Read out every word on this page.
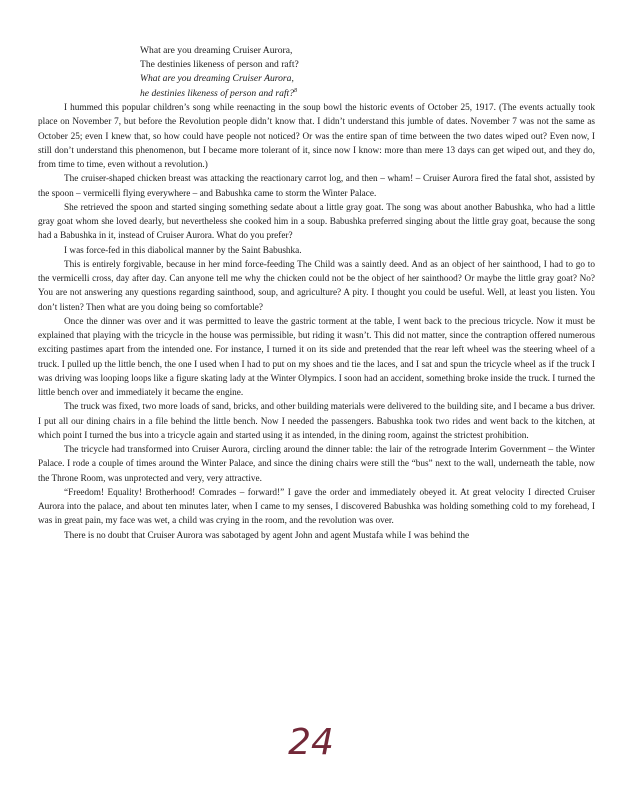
What are you dreaming Cruiser Aurora,
The destinies likeness of person and raft?
What are you dreaming Cruiser Aurora,
he destinies likeness of person and raft?$^8$

I hummed this popular children’s song while reenacting in the soup bowl the historic events of October 25, 1917. (The events actually took place on November 7, but before the Revolution people didn’t know that. I didn’t understand this jumble of dates. November 7 was not the same as October 25; even I knew that, so how could have people not noticed? Or was the entire span of time between the two dates wiped out? Even now, I still don’t understand this phenomenon, but I became more tolerant of it, since now I know: more than mere 13 days can get wiped out, and they do, from time to time, even without a revolution.)

The cruiser-shaped chicken breast was attacking the reactionary carrot log, and then – wham! – Cruiser Aurora fired the fatal shot, assisted by the spoon – vermicelli flying everywhere – and Babushka came to storm the Winter Palace.

She retrieved the spoon and started singing something sedate about a little gray goat. The song was about another Babushka, who had a little gray goat whom she loved dearly, but nevertheless she cooked him in a soup. Babushka preferred singing about the little gray goat, because the song had a Babushka in it, instead of Cruiser Aurora. What do you prefer?

I was force-fed in this diabolical manner by the Saint Babushka.

This is entirely forgivable, because in her mind force-feeding The Child was a saintly deed. And as an object of her sainthood, I had to go to the vermicelli cross, day after day. Can anyone tell me why the chicken could not be the object of her sainthood? Or maybe the little gray goat? No? You are not answering any questions regarding sainthood, soup, and agriculture? A pity. I thought you could be useful. Well, at least you listen. You don’t listen? Then what are you doing being so comfortable?

Once the dinner was over and it was permitted to leave the gastric torment at the table, I went back to the precious tricycle. Now it must be explained that playing with the tricycle in the house was permissible, but riding it wasn’t. This did not matter, since the contraption offered numerous exciting pastimes apart from the intended one. For instance, I turned it on its side and pretended that the rear left wheel was the steering wheel of a truck. I pulled up the little bench, the one I used when I had to put on my shoes and tie the laces, and I sat and spun the tricycle wheel as if the truck I was driving was looping loops like a figure skating lady at the Winter Olympics. I soon had an accident, something broke inside the truck. I turned the little bench over and immediately it became the engine.

The truck was fixed, two more loads of sand, bricks, and other building materials were delivered to the building site, and I became a bus driver. I put all our dining chairs in a file behind the little bench. Now I needed the passengers. Babushka took two rides and went back to the kitchen, at which point I turned the bus into a tricycle again and started using it as intended, in the dining room, against the strictest prohibition.

The tricycle had transformed into Cruiser Aurora, circling around the dinner table: the lair of the retrograde Interim Government – the Winter Palace. I rode a couple of times around the Winter Palace, and since the dining chairs were still the “bus” next to the wall, underneath the table, now the Throne Room, was unprotected and very, very attractive.

“Freedom! Equality! Brotherhood! Comrades – forward!” I gave the order and immediately obeyed it. At great velocity I directed Cruiser Aurora into the palace, and about ten minutes later, when I came to my senses, I discovered Babushka was holding something cold to my forehead, I was in great pain, my face was wet, a child was crying in the room, and the revolution was over.

There is no doubt that Cruiser Aurora was sabotaged by agent John and agent Mustafa while I was behind the

24
